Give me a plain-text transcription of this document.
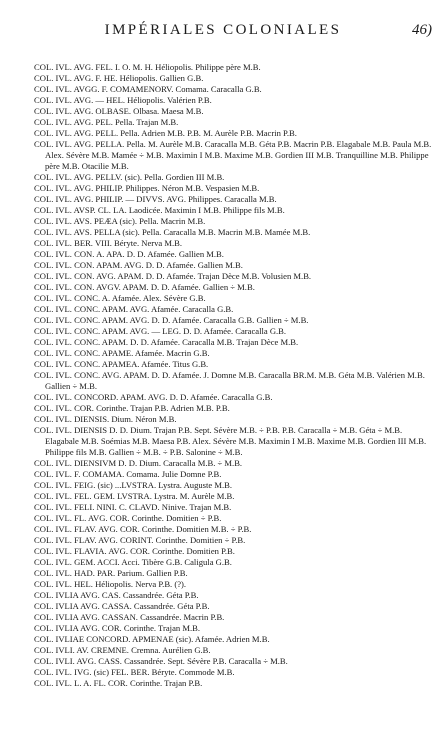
IMPÉRIALES COLONIALES	46)
COL. IVL. AVG. FEL. I. O. M. H. Héliopolis. Philippe père M.B.
COL. IVL. AVG. F. HE. Héliopolis. Gallien G.B.
COL. IVL. AVGG. F. COMAMENORV. Comama. Caracalla G.B.
COL. IVL. AVG. — HEL. Héliopolis. Valérien P.B.
COL. IVL. AVG. OLBASE. Olbasa. Maesa M.B.
COL. IVL. AVG. PEL. Pella. Trajan M.B.
COL. IVL. AVG. PELL. Pella. Adrien M.B. P.B. M. Aurèle P.B. Macrin P.B.
COL. IVL. AVG. PELLA. Pella. M. Aurèle M.B. Caracalla M.B. Géta P.B. Macrin P.B. Elagabale M.B. Paula M.B. Alex. Sévère M.B. Mamée ÷ M.B. Maximin I M.B. Maxime M.B. Gordien III M.B. Tranquilline M.B. Philippe père M.B. Otacilie M.B.
COL. IVL. AVG. PELLV. (sic). Pella. Gordien III M.B.
COL. IVL. AVG. PHILIP. Philippes. Néron M.B. Vespasien M.B.
COL. IVL. AVG. PHILIP. — DIVVS. AVG. Philippes. Caracalla M.B.
COL. IVL. AVSP. CL. LA. Laodicée. Maximin I M.B. Philippe fils M.B.
COL. IVL. AVS. PEÆA (sic). Pella. Macrin M.B.
COL. IVL. AVS. PELLA (sic). Pella. Caracalla M.B. Macrin M.B. Mamée M.B.
COL. IVL. BER. VIII. Béryte. Nerva M.B.
COL. IVL. CON. A. APA. D. D. Afamée. Gallien M.B.
COL. IVL. CON. APAM. AVG. D. D. Afamée. Gallien M.B.
COL. IVL. CON. AVG. APAM. D. D. Afamée. Trajan Dèce M.B. Volusien M.B.
COL. IVL. CON. AVGV. APAM. D. D. Afamée. Gallien ÷ M.B.
COL. IVL. CONC. A. Afamée. Alex. Sévère G.B.
COL. IVL. CONC. APAM. AVG. Afamée. Caracalla G.B.
COL. IVL. CONC. APAM. AVG. D. D. Afamée. Caracalla G.B. Gallien ÷ M.B.
COL. IVL. CONC. APAM. AVG. — LEG. D. D. Afamée. Caracalla G.B.
COL. IVL. CONC. APAM. D. D. Afamée. Caracalla M.B. Trajan Dèce M.B.
COL. IVL. CONC. APAME. Afamée. Macrin G.B.
COL. IVL. CONC. APAMEA. Afamée. Titus G.B.
COL. IVL. CONC. AVG. APAM. D. D. Afamée. J. Domne M.B. Caracalla BR.M. M.B. Géta M.B. Valérien M.B. Gallien ÷ M.B.
COL. IVL. CONCORD. APAM. AVG. D. D. Afamée. Caracalla G.B.
COL. IVL. COR. Corinthe. Trajan P.B. Adrien M.B. P.B.
COL. IVL. DIENSIS. Dium. Néron M.B.
COL. IVL. DIENSIS D. D. Dium. Trajan P.B. Sept. Sévère M.B. ÷ P.B. P.B. Caracalla ÷ M.B. Géta ÷ M.B. Elagabale M.B. Soémias M.B. Maesa P.B. Alex. Sévère M.B. Maximin I M.B. Maxime M.B. Gordien III M.B. Philippe fils M.B. Gallien ÷ M.B. ÷ P.B. Salonine ÷ M.B.
COL. IVL. DIENSIVM D. D. Dium. Caracalla M.B. ÷ M.B.
COL. IVL. F. COMAMA. Comama. Julie Domne P.B.
COL. IVL. FEIG. (sic) ...LVSTRA. Lystra. Auguste M.B.
COL. IVL. FEL. GEM. LVSTRA. Lystra. M. Aurèle M.B.
COL. IVL. FELI. NINI. C. CLAVD. Ninive. Trajan M.B.
COL. IVL. FL. AVG. COR. Corinthe. Domitien ÷ P.B.
COL. IVL. FLAV. AVG. COR. Corinthe. Domitien M.B. ÷ P.B.
COL. IVL. FLAV. AVG. CORINT. Corinthe. Domitien ÷ P.B.
COL. IVL. FLAVIA. AVG. COR. Corinthe. Domitien P.B.
COL. IVL. GEM. ACCI. Acci. Tibère G.B. Caligula G.B.
COL. IVL. HAD. PAR. Parium. Gallien P.B.
COL. IVL. HEL. Héliopolis. Nerva P.B. (?).
COL. IVLIA AVG. CAS. Cassandrée. Géta P.B.
COL. IVLIA AVG. CASSA. Cassandrée. Géta P.B.
COL. IVLIA AVG. CASSAN. Cassandrée. Macrin P.B.
COL. IVLIA AVG. COR. Corinthe. Trajan M.B.
COL. IVLIAE CONCORD. APMENAE (sic). Afamée. Adrien M.B.
COL. IVLI. AV. CREMNE. Cremna. Aurélien G.B.
COL. IVLI. AVG. CASS. Cassandrée. Sept. Sévère P.B. Caracalla ÷ M.B.
COL. IVL. IVG. (sic) FEL. BER. Béryte. Commode M.B.
COL. IVL. L. A. FL. COR. Corinthe. Trajan P.B.
